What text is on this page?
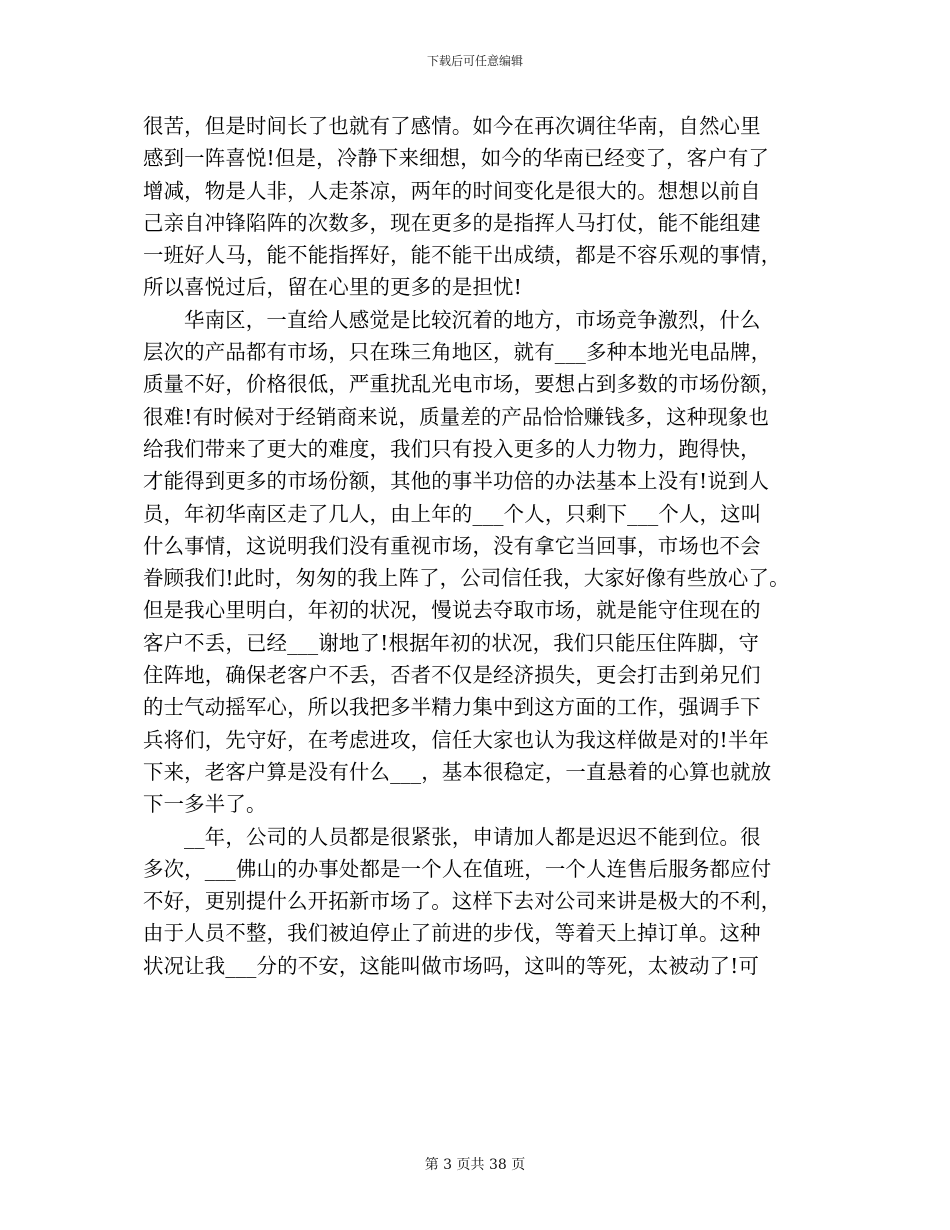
下载后可任意编辑
很苦，但是时间长了也就有了感情。如今在再次调往华南，自然心里
感到一阵喜悦!但是，冷静下来细想，如今的华南已经变了，客户有了
增减，物是人非，人走茶凉，两年的时间变化是很大的。想想以前自
己亲自冲锋陷阵的次数多，现在更多的是指挥人马打仗，能不能组建
一班好人马，能不能指挥好，能不能干出成绩，都是不容乐观的事情，
所以喜悦过后，留在心里的更多的是担忧!
华南区，一直给人感觉是比较沉着的地方，市场竞争激烈，什么
层次的产品都有市场，只在珠三角地区，就有___多种本地光电品牌，
质量不好，价格很低，严重扰乱光电市场，要想占到多数的市场份额，
很难!有时候对于经销商来说，质量差的产品恰恰赚钱多，这种现象也
给我们带来了更大的难度，我们只有投入更多的人力物力，跑得快，
才能得到更多的市场份额，其他的事半功倍的办法基本上没有!说到人
员，年初华南区走了几人，由上年的___个人，只剩下___个人，这叫
什么事情，这说明我们没有重视市场，没有拿它当回事，市场也不会
眷顾我们!此时，匆匆的我上阵了，公司信任我，大家好像有些放心了。
但是我心里明白，年初的状况，慢说去夺取市场，就是能守住现在的
客户不丢，已经___谢地了!根据年初的状况，我们只能压住阵脚，守
住阵地，确保老客户不丢，否者不仅是经济损失，更会打击到弟兄们
的士气动摇军心，所以我把多半精力集中到这方面的工作，强调手下
兵将们，先守好，在考虑进攻，信任大家也认为我这样做是对的!半年
下来，老客户算是没有什么___，基本很稳定，一直悬着的心算也就放
下一多半了。
__年，公司的人员都是很紧张，申请加人都是迟迟不能到位。很
多次，___佛山的办事处都是一个人在值班，一个人连售后服务都应付
不好，更别提什么开拓新市场了。这样下去对公司来讲是极大的不利，
由于人员不整，我们被迫停止了前进的步伐，等着天上掉订单。这种
状况让我___分的不安，这能叫做市场吗，这叫的等死，太被动了!可
第 3 页共 38 页
